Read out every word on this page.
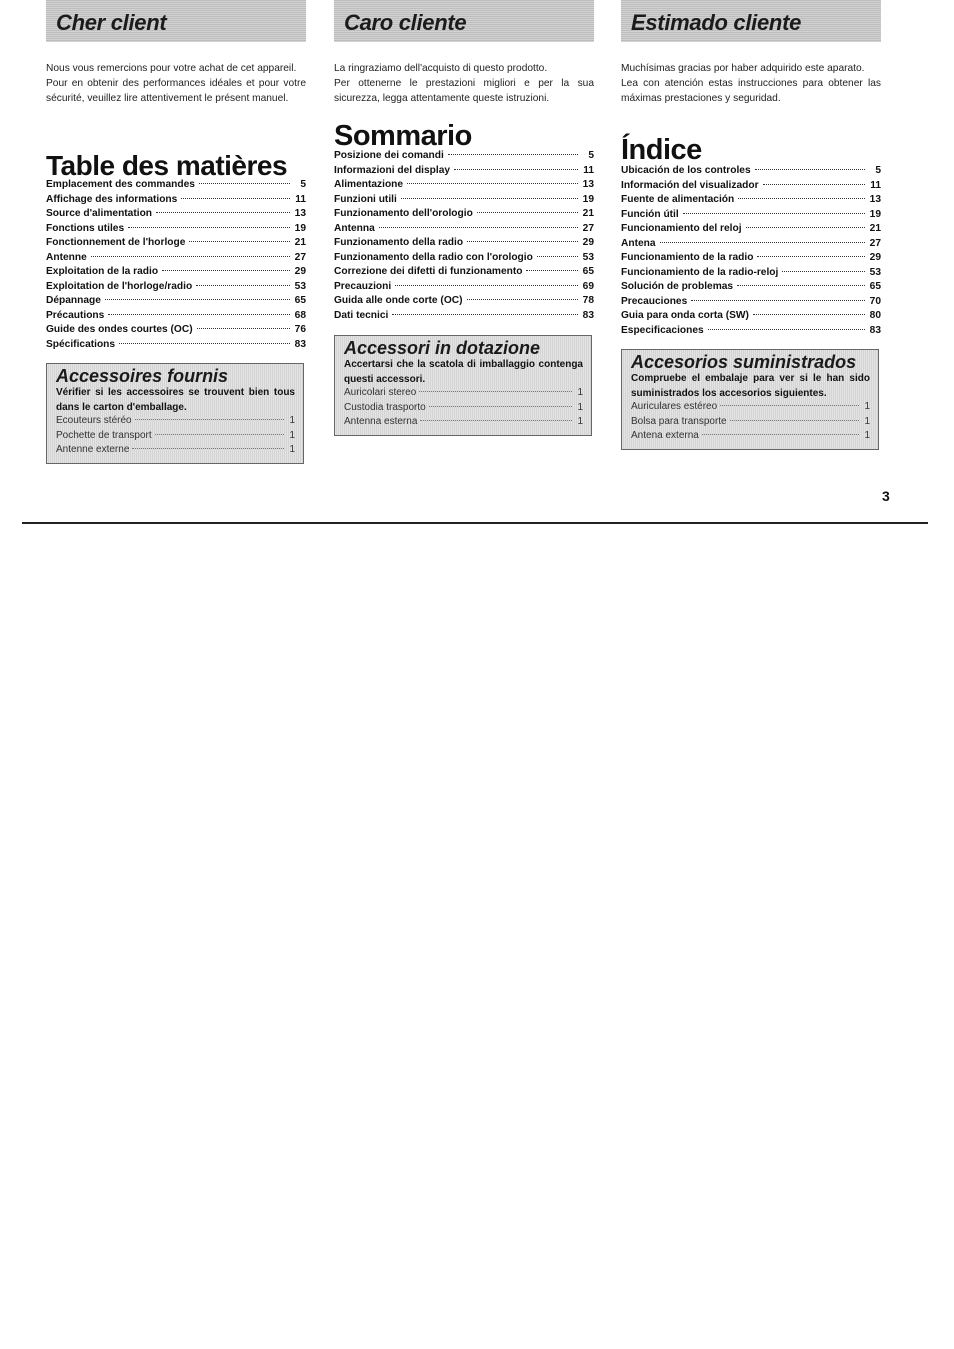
Cher client

Nous vous remercions pour votre achat de cet appareil.

Pour en obtenir des performances idéales et pour votre sécurité, veuillez lire attentivement le présent manuel.

Table des matières
Emplacement des commandes	5
Affichage des informations	11
Source d'alimentation	13
Fonctions utiles	19
Fonctionnement de l'horloge	21
Antenne	27
Exploitation de la radio	29
Exploitation de l'horloge/radio	53
Dépannage	65
Précautions	68
Guide des ondes courtes (OC)	76
Spécifications	83
Accessoires fournis
Vérifier si les accessoires se trouvent bien tous dans le carton d'emballage.
Ecouteurs stéréo	1
Pochette de transport	1
Antenne externe	1
Caro cliente

La ringraziamo dell'acquisto di questo prodotto.

Per ottenerne le prestazioni migliori e per la sua sicurezza, legga attentamente queste istruzioni.

Sommario
Posizione dei comandi	5
Informazioni del display	11
Alimentazione	13
Funzioni utili	19
Funzionamento dell'orologio	21
Antenna	27
Funzionamento della radio	29
Funzionamento della radio con l'orologio	53
Correzione dei difetti di funzionamento	65
Precauzioni	69
Guida alle onde corte (OC)	78
Dati tecnici	83
Accessori in dotazione
Accertarsi che la scatola di imballaggio contenga questi accessori.
Auricolari stereo	1
Custodia trasporto	1
Antenna esterna	1
Estimado cliente

Muchísimas gracias por haber adquirido este aparato.

Lea con atención estas instrucciones para obtener las máximas prestaciones y seguridad.

Índice
Ubicación de los controles	5
Información del visualizador	11
Fuente de alimentación	13
Función útil	19
Funcionamiento del reloj	21
Antena	27
Funcionamiento de la radio	29
Funcionamiento de la radio-reloj	53
Solución de problemas	65
Precauciones	70
Guia para onda corta (SW)	80
Especificaciones	83
Accesorios suministrados
Compruebe el embalaje para ver si le han sido suministrados los accesorios siguientes.
Auriculares estéreo	1
Bolsa para transporte	1
Antena externa	1
3
